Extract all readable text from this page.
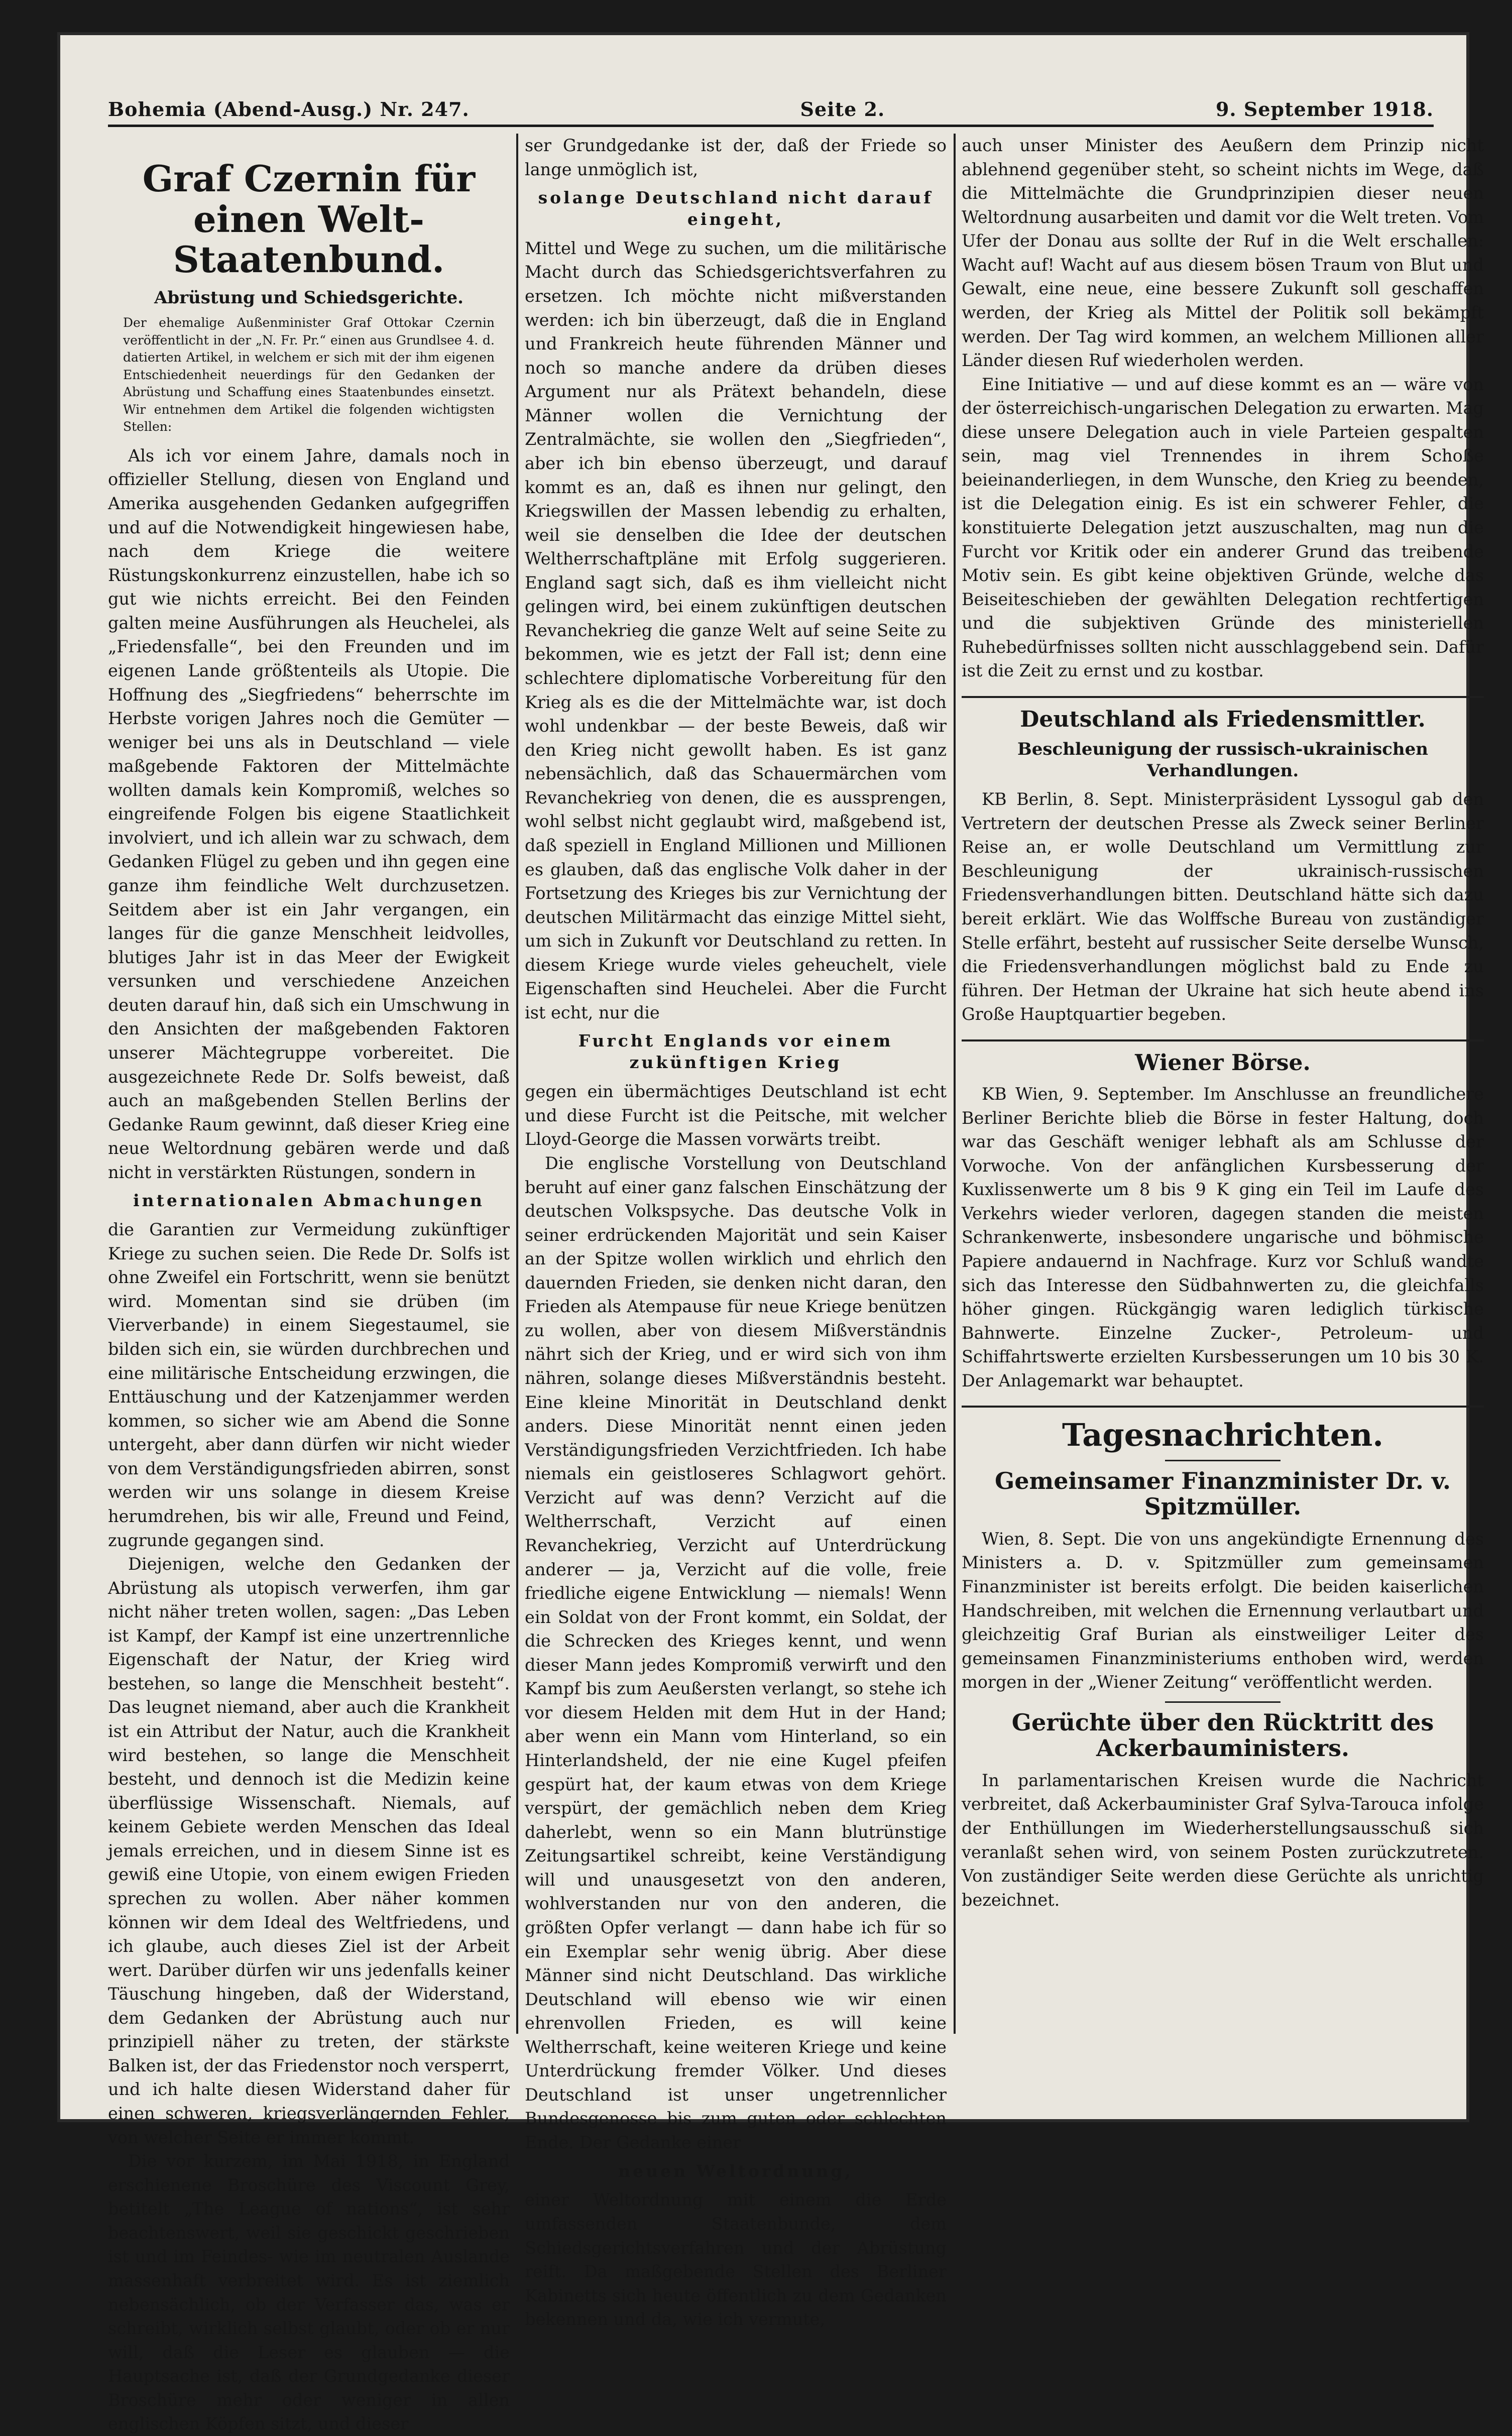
Bohemia (Abend-Ausg.) Nr. 247.	Seite 2.	9. September 1918.
Graf Czernin für einen Welt-Staatenbund.
Abrüstung und Schiedsgerichte.
Der ehemalige Außenminister Graf Ottokar Czernin veröffentlicht in der „N. Fr. Pr.“ einen aus Grundlsee 4. d. datierten Artikel, in welchem er sich mit der ihm eigenen Entschiedenheit neuerdings für den Gedanken der Abrüstung und Schaffung eines Staatenbundes einsetzt. Wir entnehmen dem Artikel die folgenden wichtigsten Stellen:

Als ich vor einem Jahre, damals noch in offizieller Stellung, diesen von England und Amerika ausgehenden Gedanken aufgegriffen und auf die Notwendigkeit hingewiesen habe, nach dem Kriege die weitere Rüstungskonkurrenz einzustellen, habe ich so gut wie nichts erreicht. Bei den Feinden galten meine Ausführungen als Heuchelei, als „Friedensfalle“, bei den Freunden und im eigenen Lande größtenteils als Utopie. Die Hoffnung des „Siegfriedens“ beherrschte im Herbste vorigen Jahres noch die Gemüter — weniger bei uns als in Deutschland — viele maßgebende Faktoren der Mittelmächte wollten damals kein Kompromiß, welches so eingreifende Folgen bis eigene Staatlichkeit involviert, und ich allein war zu schwach, dem Gedanken Flügel zu geben und ihn gegen eine ganze ihm feindliche Welt durchzusetzen. Seitdem aber ist ein Jahr vergangen, ein langes für die ganze Menschheit leidvolles, blutiges Jahr ist in das Meer der Ewigkeit versunken und verschiedene Anzeichen deuten darauf hin, daß sich ein Umschwung in den Ansichten der maßgebenden Faktoren unserer Mächtegruppe vorbereitet. Die ausgezeichnete Rede Dr. Solfs beweist, daß auch an maßgebenden Stellen Berlins der Gedanke Raum gewinnt, daß dieser Krieg eine neue Weltordnung gebären werde und daß nicht in verstärkten Rüstungen, sondern in

internationalen Abmachungen

die Garantien zur Vermeidung zukünftiger Kriege zu suchen seien. Die Rede Dr. Solfs ist ohne Zweifel ein Fortschritt, wenn sie benützt wird. Momentan sind sie drüben (im Vierverbande) in einem Siegestaumel, sie bilden sich ein, sie würden durchbrechen und eine militärische Entscheidung erzwingen, die Enttäuschung und der Katzenjammer werden kommen, so sicher wie am Abend die Sonne untergeht, aber dann dürfen wir nicht wieder von dem Verständigungsfrieden abirren, sonst werden wir uns solange in diesem Kreise herumdrehen, bis wir alle, Freund und Feind, zugrunde gegangen sind.

Diejenigen, welche den Gedanken der Abrüstung als utopisch verwerfen, ihm gar nicht näher treten wollen, sagen: „Das Leben ist Kampf, der Kampf ist eine unzertrennliche Eigenschaft der Natur, der Krieg wird bestehen, so lange die Menschheit besteht“. Das leugnet niemand, aber auch die Krankheit ist ein Attribut der Natur, auch die Krankheit wird bestehen, so lange die Menschheit besteht, und dennoch ist die Medizin keine überflüssige Wissenschaft. Niemals, auf keinem Gebiete werden Menschen das Ideal jemals erreichen, und in diesem Sinne ist es gewiß eine Utopie, von einem ewigen Frieden sprechen zu wollen. Aber näher kommen können wir dem Ideal des Weltfriedens, und ich glaube, auch dieses Ziel ist der Arbeit wert. Darüber dürfen wir uns jedenfalls keiner Täuschung hingeben, daß der Widerstand, dem Gedanken der Abrüstung auch nur prinzipiell näher zu treten, der stärkste Balken ist, der das Friedenstor noch versperrt, und ich halte diesen Widerstand daher für einen schweren, kriegsverlängernden Fehler, von welcher Seite er immer kommt.

Die vor kurzem, im Mai 1918, in England erschienene Broschüre des Viscount Grey, betitelt „The League of nations“, ist sehr beachtenswert, weil sie geschickt geschrieben ist und im Feindes- wie im neutralen Auslande massenhaft verbreitet wird. Es ist ziemlich nebensächlich, ob der Verfasser das, was er schreibt, wirklich selbst glaubt, oder ob er nur will, daß die Leser es glauben — die Hauptsache ist, daß der Grundgedanke dieser Broschüre mehr oder weniger in allen englischen Köpfen sitzt, und dieser

ser Grundgedanke ist der, daß der Friede so lange unmöglich ist,

solange Deutschland nicht darauf eingeht,

Mittel und Wege zu suchen, um die militärische Macht durch das Schiedsgerichtsverfahren zu ersetzen. Ich möchte nicht mißverstanden werden: ich bin überzeugt, daß die in England und Frankreich heute führenden Männer und noch so manche andere da drüben dieses Argument nur als Prätext behandeln, diese Männer wollen die Vernichtung der Zentralmächte, sie wollen den „Siegfrieden“, aber ich bin ebenso überzeugt, und darauf kommt es an, daß es ihnen nur gelingt, den Kriegswillen der Massen lebendig zu erhalten, weil sie denselben die Idee der deutschen Weltherrschaftpläne mit Erfolg suggerieren. England sagt sich, daß es ihm vielleicht nicht gelingen wird, bei einem zukünftigen deutschen Revanchekrieg die ganze Welt auf seine Seite zu bekommen, wie es jetzt der Fall ist; denn eine schlechtere diplomatische Vorbereitung für den Krieg als es die der Mittelmächte war, ist doch wohl undenkbar — der beste Beweis, daß wir den Krieg nicht gewollt haben. Es ist ganz nebensächlich, daß das Schauermärchen vom Revanchekrieg von denen, die es aussprengen, wohl selbst nicht geglaubt wird, maßgebend ist, daß speziell in England Millionen und Millionen es glauben, daß das englische Volk daher in der Fortsetzung des Krieges bis zur Vernichtung der deutschen Militärmacht das einzige Mittel sieht, um sich in Zukunft vor Deutschland zu retten. In diesem Kriege wurde vieles geheuchelt, viele Eigenschaften sind Heuchelei. Aber die Furcht ist echt, nur die

Furcht Englands vor einem zukünftigen Krieg

gegen ein übermächtiges Deutschland ist echt und diese Furcht ist die Peitsche, mit welcher Lloyd-George die Massen vorwärts treibt.

Die englische Vorstellung von Deutschland beruht auf einer ganz falschen Einschätzung der deutschen Volkspsyche. Das deutsche Volk in seiner erdrückenden Majorität und sein Kaiser an der Spitze wollen wirklich und ehrlich den dauernden Frieden, sie denken nicht daran, den Frieden als Atempause für neue Kriege benützen zu wollen, aber von diesem Mißverständnis nährt sich der Krieg, und er wird sich von ihm nähren, solange dieses Mißverständnis besteht. Eine kleine Minorität in Deutschland denkt anders. Diese Minorität nennt einen jeden Verständigungsfrieden Verzichtfrieden. Ich habe niemals ein geistloseres Schlagwort gehört. Verzicht auf was denn? Verzicht auf die Weltherrschaft, Verzicht auf einen Revanchekrieg, Verzicht auf Unterdrückung anderer — ja, Verzicht auf die volle, freie friedliche eigene Entwicklung — niemals! Wenn ein Soldat von der Front kommt, ein Soldat, der die Schrecken des Krieges kennt, und wenn dieser Mann jedes Kompromiß verwirft und den Kampf bis zum Aeußersten verlangt, so stehe ich vor diesem Helden mit dem Hut in der Hand; aber wenn ein Mann vom Hinterland, so ein Hinterlandsheld, der nie eine Kugel pfeifen gespürt hat, der kaum etwas von dem Kriege verspürt, der gemächlich neben dem Krieg daherlebt, wenn so ein Mann blutrünstige Zeitungsartikel schreibt, keine Verständigung will und unausgesetzt von den anderen, wohlverstanden nur von den anderen, die größten Opfer verlangt — dann habe ich für so ein Exemplar sehr wenig übrig. Aber diese Männer sind nicht Deutschland. Das wirkliche Deutschland will ebenso wie wir einen ehrenvollen Frieden, es will keine Weltherrschaft, keine weiteren Kriege und keine Unterdrückung fremder Völker. Und dieses Deutschland ist unser ungetrennlicher Bundesgenosse bis zum guten oder schlechten Ende. Der Gedanke einer

neuen Weltordnung,

einer Weltordnung mit einem die Erde umfassenden Staatenbunde, dem Schiedsgerichtsverfahren und der Abrüstung reift. Da maßgebende Stellen des Berliner Kabinetts sich heute öffentlich zu dem Gedanken bekennen und da, wie ich vermute,

auch unser Minister des Aeußern dem Prinzip nicht ablehnend gegenüber steht, so scheint nichts im Wege, daß die Mittelmächte die Grundprinzipien dieser neuen Weltordnung ausarbeiten und damit vor die Welt treten. Vom Ufer der Donau aus sollte der Ruf in die Welt erschallen: Wacht auf! Wacht auf aus diesem bösen Traum von Blut und Gewalt, eine neue, eine bessere Zukunft soll geschaffen werden, der Krieg als Mittel der Politik soll bekämpft werden. Der Tag wird kommen, an welchem Millionen aller Länder diesen Ruf wiederholen werden.

Eine Initiative — und auf diese kommt es an — wäre von der österreichisch-ungarischen Delegation zu erwarten. Mag diese unsere Delegation auch in viele Parteien gespalten sein, mag viel Trennendes in ihrem Schoße beieinanderliegen, in dem Wunsche, den Krieg zu beenden, ist die Delegation einig. Es ist ein schwerer Fehler, die konstituierte Delegation jetzt auszuschalten, mag nun die Furcht vor Kritik oder ein anderer Grund das treibende Motiv sein. Es gibt keine objektiven Gründe, welche das Beiseiteschieben der gewählten Delegation rechtfertigen und die subjektiven Gründe des ministeriellen Ruhebedürfnisses sollten nicht ausschlaggebend sein. Dafür ist die Zeit zu ernst und zu kostbar.

Deutschland als Friedensmittler.
Beschleunigung der russisch-ukrainischen Verhandlungen.

KB Berlin, 8. Sept. Ministerpräsident Lyssogul gab den Vertretern der deutschen Presse als Zweck seiner Berliner Reise an, er wolle Deutschland um Vermittlung zur Beschleunigung der ukrainisch-russischen Friedensverhandlungen bitten. Deutschland hätte sich dazu bereit erklärt. Wie das Wolffsche Bureau von zuständiger Stelle erfährt, besteht auf russischer Seite derselbe Wunsch, die Friedensverhandlungen möglichst bald zu Ende zu führen. Der Hetman der Ukraine hat sich heute abend ins Große Hauptquartier begeben.

Wiener Börse.

KB Wien, 9. September. Im Anschlusse an freundlichere Berliner Berichte blieb die Börse in fester Haltung, doch war das Geschäft weniger lebhaft als am Schlusse der Vorwoche. Von der anfänglichen Kursbesserung der Kuxlissenwerte um 8 bis 9 K ging ein Teil im Laufe des Verkehrs wieder verloren, dagegen standen die meisten Schrankenwerte, insbesondere ungarische und böhmische Papiere andauernd in Nachfrage. Kurz vor Schluß wandte sich das Interesse den Südbahnwerten zu, die gleichfalls höher gingen. Rückgängig waren lediglich türkische Bahnwerte. Einzelne Zucker-, Petroleum- und Schiffahrtswerte erzielten Kursbesserungen um 10 bis 30 K. Der Anlagemarkt war behauptet.

Tagesnachrichten.
Gemeinsamer Finanzminister Dr. v. Spitzmüller.

Wien, 8. Sept. Die von uns angekündigte Ernennung des Ministers a. D. v. Spitzmüller zum gemeinsamen Finanzminister ist bereits erfolgt. Die beiden kaiserlichen Handschreiben, mit welchen die Ernennung verlautbart und gleichzeitig Graf Burian als einstweiliger Leiter des gemeinsamen Finanzministeriums enthoben wird, werden morgen in der „Wiener Zeitung“ veröffentlicht werden.

Gerüchte über den Rücktritt des Ackerbauministers.

In parlamentarischen Kreisen wurde die Nachricht verbreitet, daß Ackerbauminister Graf Sylva-Tarouca infolge der Enthüllungen im Wiederherstellungsausschuß sich veranlaßt sehen wird, von seinem Posten zurückzutreten. Von zuständiger Seite werden diese Gerüchte als unrichtig bezeichnet.
